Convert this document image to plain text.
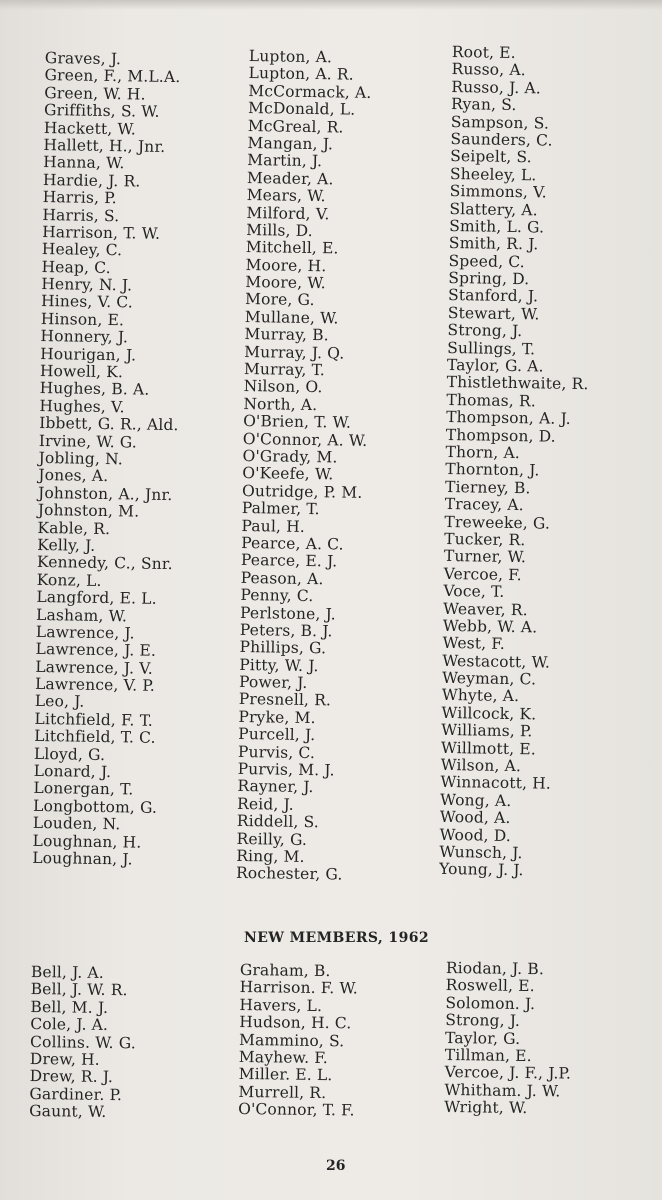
Graves, J.
Green, F., M.L.A.
Green, W. H.
Griffiths, S. W.
Hackett, W.
Hallett, H., Jnr.
Hanna, W.
Hardie, J. R.
Harris, P.
Harris, S.
Harrison, T. W.
Healey, C.
Heap, C.
Henry, N. J.
Hines, V. C.
Hinson, E.
Honnery, J.
Hourigan, J.
Howell, K.
Hughes, B. A.
Hughes, V.
Ibbett, G. R., Ald.
Irvine, W. G.
Jobling, N.
Jones, A.
Johnston, A., Jnr.
Johnston, M.
Kable, R.
Kelly, J.
Kennedy, C., Snr.
Konz, L.
Langford, E. L.
Lasham, W.
Lawrence, J.
Lawrence, J. E.
Lawrence, J. V.
Lawrence, V. P.
Leo, J.
Litchfield, F. T.
Litchfield, T. C.
Lloyd, G.
Lonard, J.
Lonergan, T.
Longbottom, G.
Louden, N.
Loughnan, H.
Loughnan, J.
Lupton, A.
Lupton, A. R.
McCormack, A.
McDonald, L.
McGreal, R.
Mangan, J.
Martin, J.
Meader, A.
Mears, W.
Milford, V.
Mills, D.
Mitchell, E.
Moore, H.
Moore, W.
More, G.
Mullane, W.
Murray, B.
Murray, J. Q.
Murray, T.
Nilson, O.
North, A.
O'Brien, T. W.
O'Connor, A. W.
O'Grady, M.
O'Keefe, W.
Outridge, P. M.
Palmer, T.
Paul, H.
Pearce, A. C.
Pearce, E. J.
Peason, A.
Penny, C.
Perlstone, J.
Peters, B. J.
Phillips, G.
Pitty, W. J.
Power, J.
Presnell, R.
Pryke, M.
Purcell, J.
Purvis, C.
Purvis, M. J.
Rayner, J.
Reid, J.
Riddell, S.
Reilly, G.
Ring, M.
Rochester, G.
Root, E.
Russo, A.
Russo, J. A.
Ryan, S.
Sampson, S.
Saunders, C.
Seipelt, S.
Sheeley, L.
Simmons, V.
Slattery, A.
Smith, L. G.
Smith, R. J.
Speed, C.
Spring, D.
Stanford, J.
Stewart, W.
Strong, J.
Sullings, T.
Taylor, G. A.
Thistlethwaite, R.
Thomas, R.
Thompson, A. J.
Thompson, D.
Thorn, A.
Thornton, J.
Tierney, B.
Tracey, A.
Treweeke, G.
Tucker, R.
Turner, W.
Vercoe, F.
Voce, T.
Weaver, R.
Webb, W. A.
West, F.
Westacott, W.
Weyman, C.
Whyte, A.
Willcock, K.
Williams, P.
Willmott, E.
Wilson, A.
Winnacott, H.
Wong, A.
Wood, A.
Wood, D.
Wunsch, J.
Young, J. J.
NEW MEMBERS, 1962
Bell, J. A.
Bell, J. W. R.
Bell, M. J.
Cole, J. A.
Collins. W. G.
Drew, H.
Drew, R. J.
Gardiner. P.
Gaunt, W.
Graham, B.
Harrison. F. W.
Havers, L.
Hudson, H. C.
Mammino, S.
Mayhew. F.
Miller. E. L.
Murrell, R.
O'Connor, T. F.
Riodan, J. B.
Roswell, E.
Solomon. J.
Strong, J.
Taylor, G.
Tillman, E.
Vercoe, J. F., J.P.
Whitham. J. W.
Wright, W.
26
